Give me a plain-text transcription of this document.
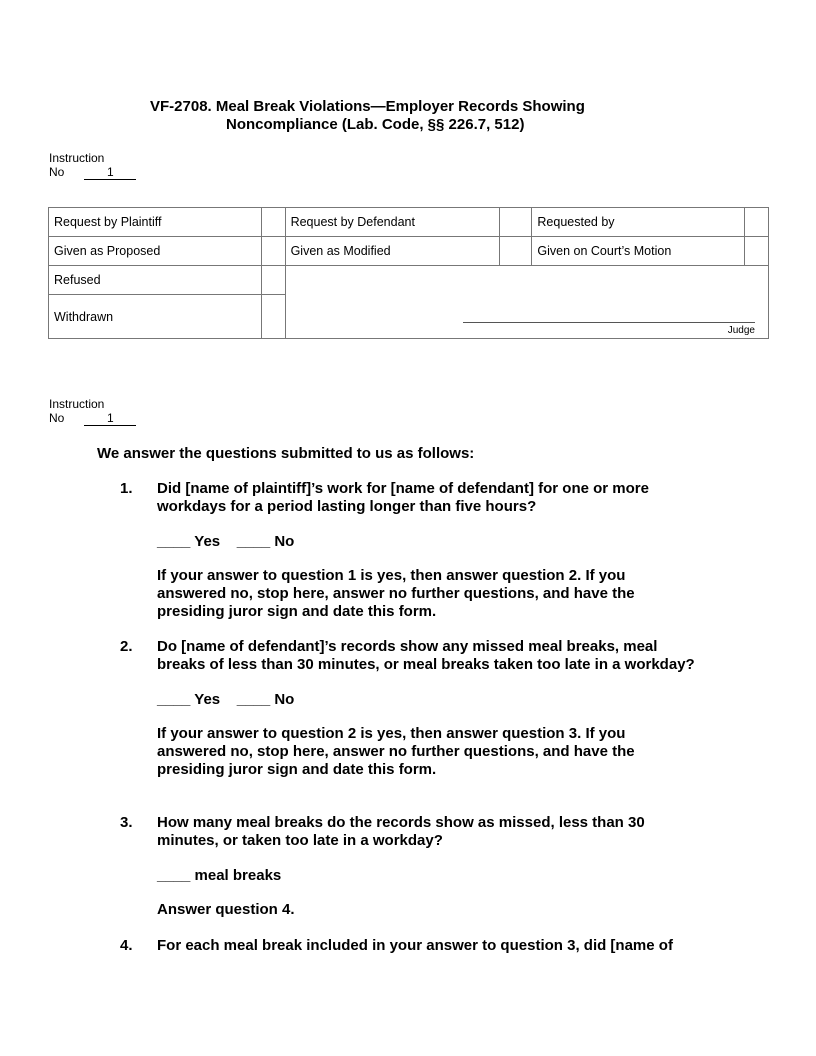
VF-2708. Meal Break Violations—Employer Records Showing
Noncompliance (Lab. Code, §§ 226.7, 512)
Instruction
No	1
Request by Plaintiff		Request by Defendant		Requested by	
Given as Proposed		Given as Modified		Given on Court’s Motion	
Refused		Judge			

Withdrawn					
Instruction
No	1
We answer the questions submitted to us as follows:
1. Did [name of plaintiff]’s work for [name of defendant] for one or more workdays for a period lasting longer than five hours?
____ Yes    ____ No
If your answer to question 1 is yes, then answer question 2. If you answered no, stop here, answer no further questions, and have the presiding juror sign and date this form.
2. Do [name of defendant]’s records show any missed meal breaks, meal breaks of less than 30 minutes, or meal breaks taken too late in a workday?
____ Yes    ____ No
If your answer to question 2 is yes, then answer question 3. If you answered no, stop here, answer no further questions, and have the presiding juror sign and date this form.
3. How many meal breaks do the records show as missed, less than 30 minutes, or taken too late in a workday?
____ meal breaks
Answer question 4.
4. For each meal break included in your answer to question 3, did [name of
